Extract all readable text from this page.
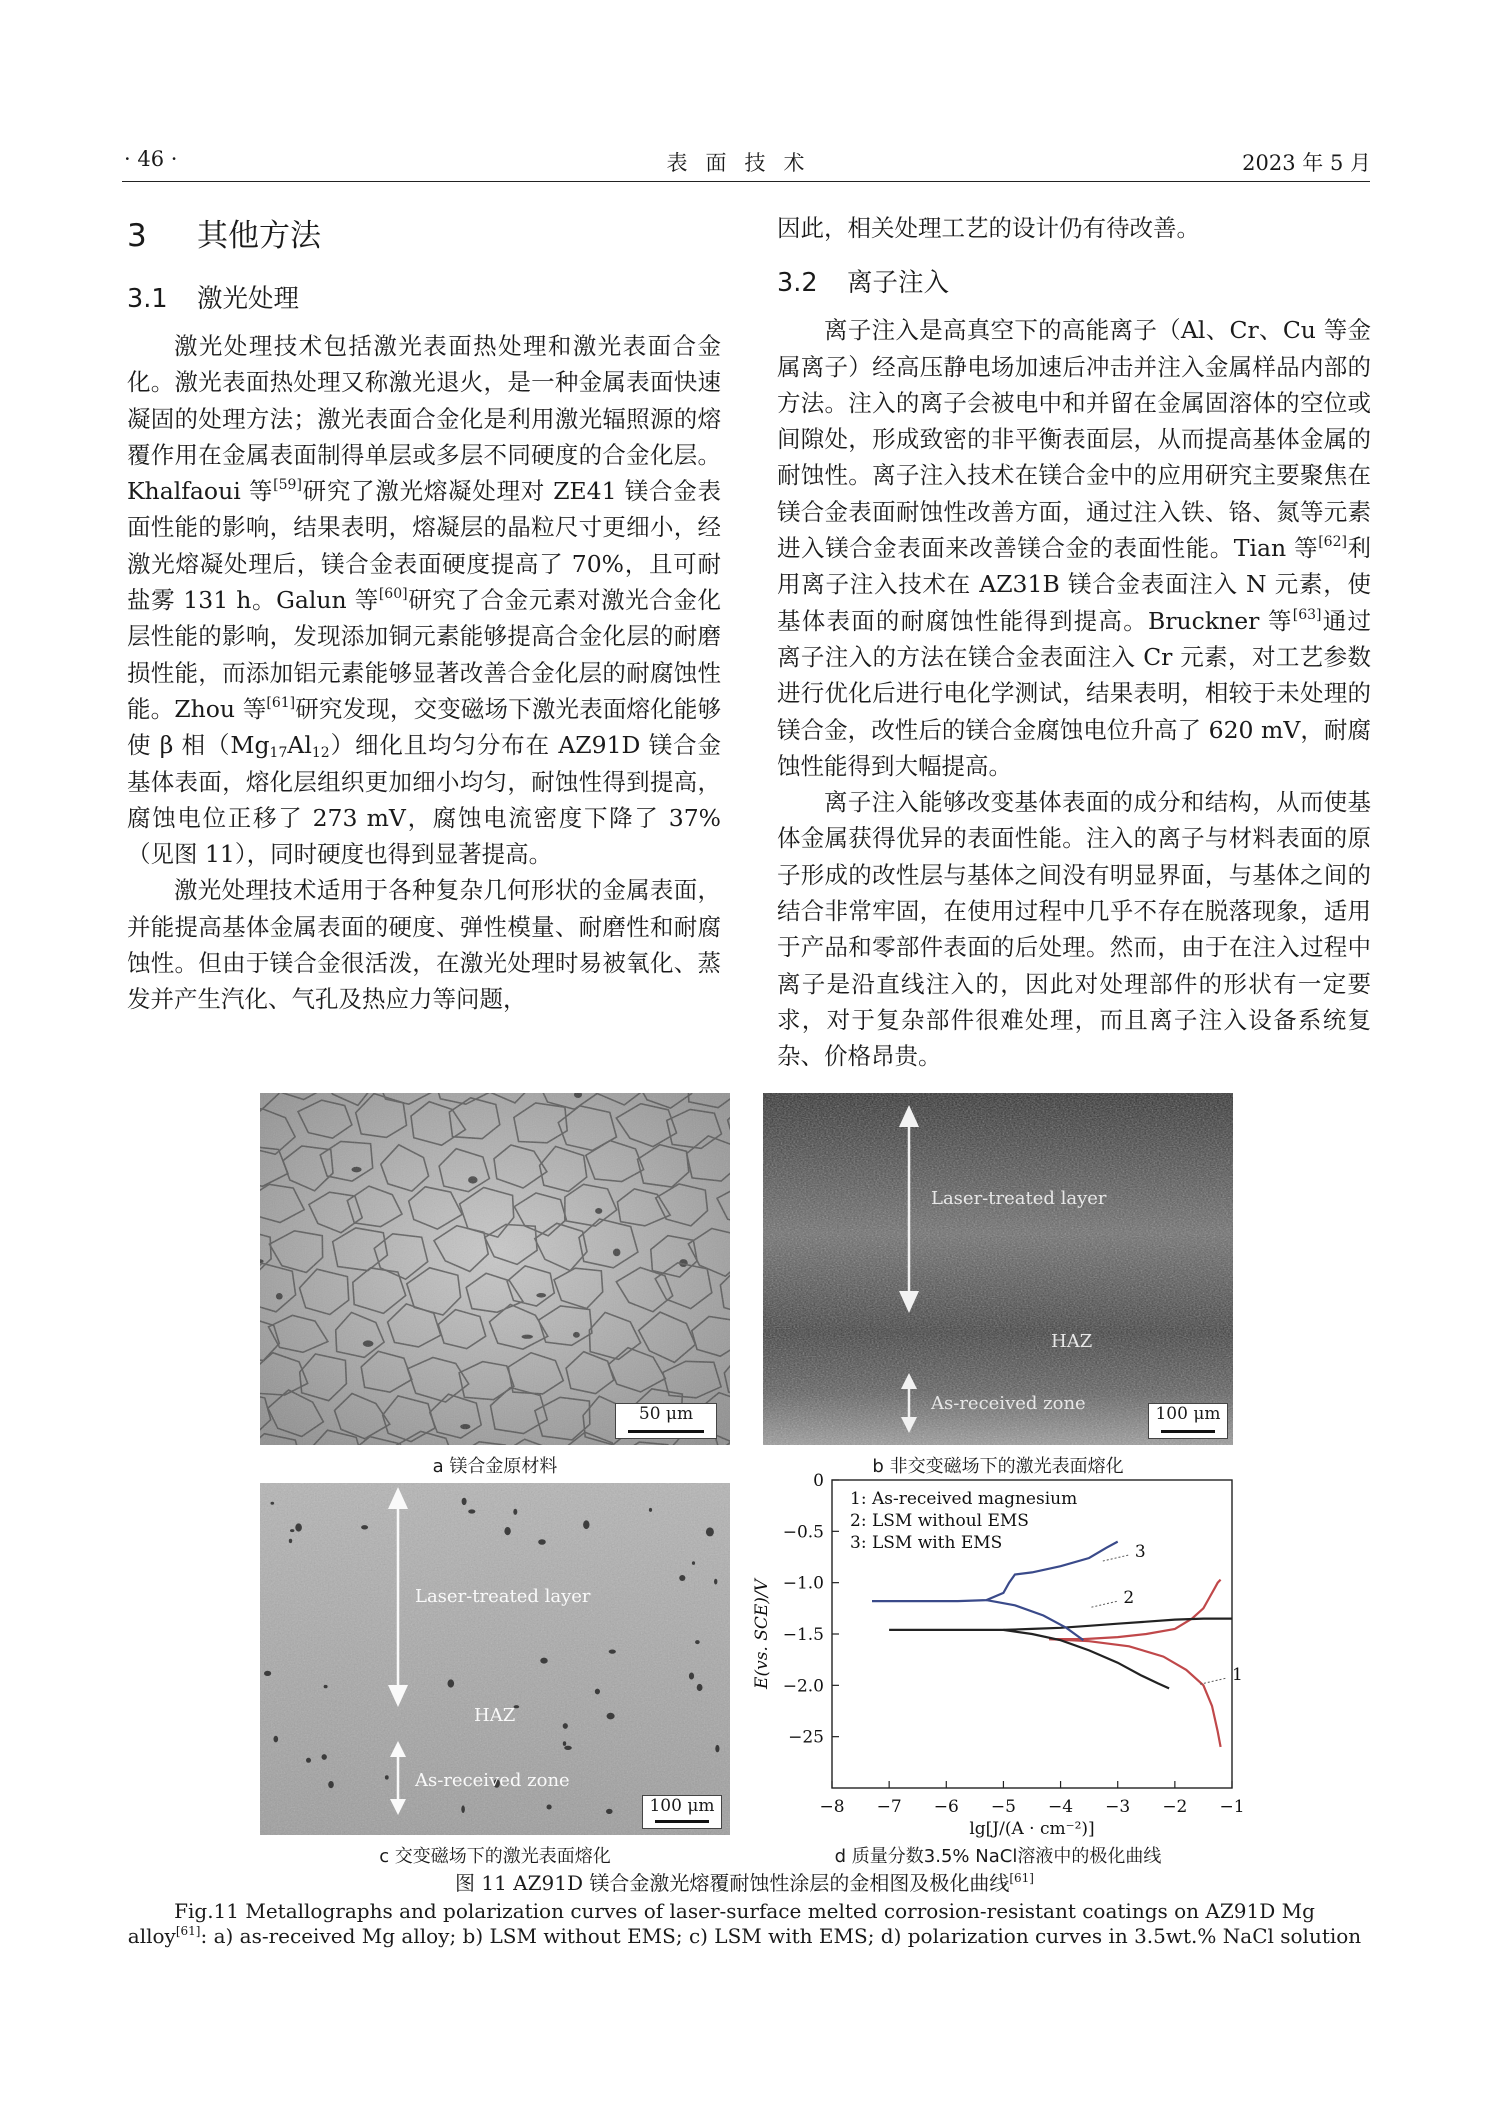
· 46 ·	表面技术	2023 年 5 月
3 其他方法
3.1 激光处理

激光处理技术包括激光表面热处理和激光表面合金化。激光表面热处理又称激光退火，是一种金属表面快速凝固的处理方法；激光表面合金化是利用激光辐照源的熔覆作用在金属表面制得单层或多层不同硬度的合金化层。Khalfaoui 等[59]研究了激光熔凝处理对 ZE41 镁合金表面性能的影响，结果表明，熔凝层的晶粒尺寸更细小，经激光熔凝处理后，镁合金表面硬度提高了 70%，且可耐盐雾 131 h。Galun 等[60]研究了合金元素对激光合金化层性能的影响，发现添加铜元素能够提高合金化层的耐磨损性能，而添加铝元素能够显著改善合金化层的耐腐蚀性能。Zhou 等[61]研究发现，交变磁场下激光表面熔化能够使 β 相$(Mg_{17}Al_{12})$细化且均匀分布在 AZ91D 镁合金基体表面，熔化层组织更加细小均匀，耐蚀性得到提高，腐蚀电位正移了 273 mV，腐蚀电流密度下降了 37%（见图 11），同时硬度也得到显著提高。

激光处理技术适用于各种复杂几何形状的金属表面，并能提高基体金属表面的硬度、弹性模量、耐磨性和耐腐蚀性。但由于镁合金很活泼，在激光处理时易被氧化、蒸发并产生汽化、气孔及热应力等问题，

因此，相关处理工艺的设计仍有待改善。

3.2 离子注入

离子注入是高真空下的高能离子（Al、Cr、Cu 等金属离子）经高压静电场加速后冲击并注入金属样品内部的方法。注入的离子会被电中和并留在金属固溶体的空位或间隙处，形成致密的非平衡表面层，从而提高基体金属的耐蚀性。离子注入技术在镁合金中的应用研究主要聚焦在镁合金表面耐蚀性改善方面，通过注入铁、铬、氮等元素进入镁合金表面来改善镁合金的表面性能。Tian 等[62]利用离子注入技术在 AZ31B 镁合金表面注入 N 元素，使基体表面的耐腐蚀性能得到提高。Bruckner 等[63]通过离子注入的方法在镁合金表面注入 Cr 元素，对工艺参数进行优化后进行电化学测试，结果表明，相较于未处理的镁合金，改性后的镁合金腐蚀电位升高了 620 mV，耐腐蚀性能得到大幅提高。

离子注入能够改变基体表面的成分和结构，从而使基体金属获得优异的表面性能。注入的离子与材料表面的原子形成的改性层与基体之间没有明显界面，与基体之间的结合非常牢固，在使用过程中几乎不存在脱落现象，适用于产品和零部件表面的后处理。然而，由于在注入过程中离子是沿直线注入的，因此对处理部件的形状有一定要求，对于复杂部件很难处理，而且离子注入设备系统复杂、价格昂贵。

50 μm
a 镁合金原材料
Laser-treated layer
HAZ
As-received zone	100 μm
b 非交变磁场下的激光表面熔化
Laser-treated layer
HAZ
As-received zone
100 μm
c 交变磁场下的激光表面熔化
−8 −7 −6 −5 −4 −3 −2 −1
0
−0.5
−1.0
−1.5
−2.0
−25
lg[J/(A · cm⁻²)]
E(vs. SCE)/V
1: As-received magnesium
2: LSM withoul EMS
3: LSM with EMS
1
2
3
d 质量分数3.5% NaCl溶液中的极化曲线
图 11 AZ91D 镁合金激光熔覆耐蚀性涂层的金相图及极化曲线[61]
Fig.11 Metallographs and polarization curves of laser-surface melted corrosion-resistant coatings on AZ91D Mg
alloy[61]: a) as-received Mg alloy; b) LSM without EMS; c) LSM with EMS; d) polarization curves in 3.5wt.% NaCl solution
